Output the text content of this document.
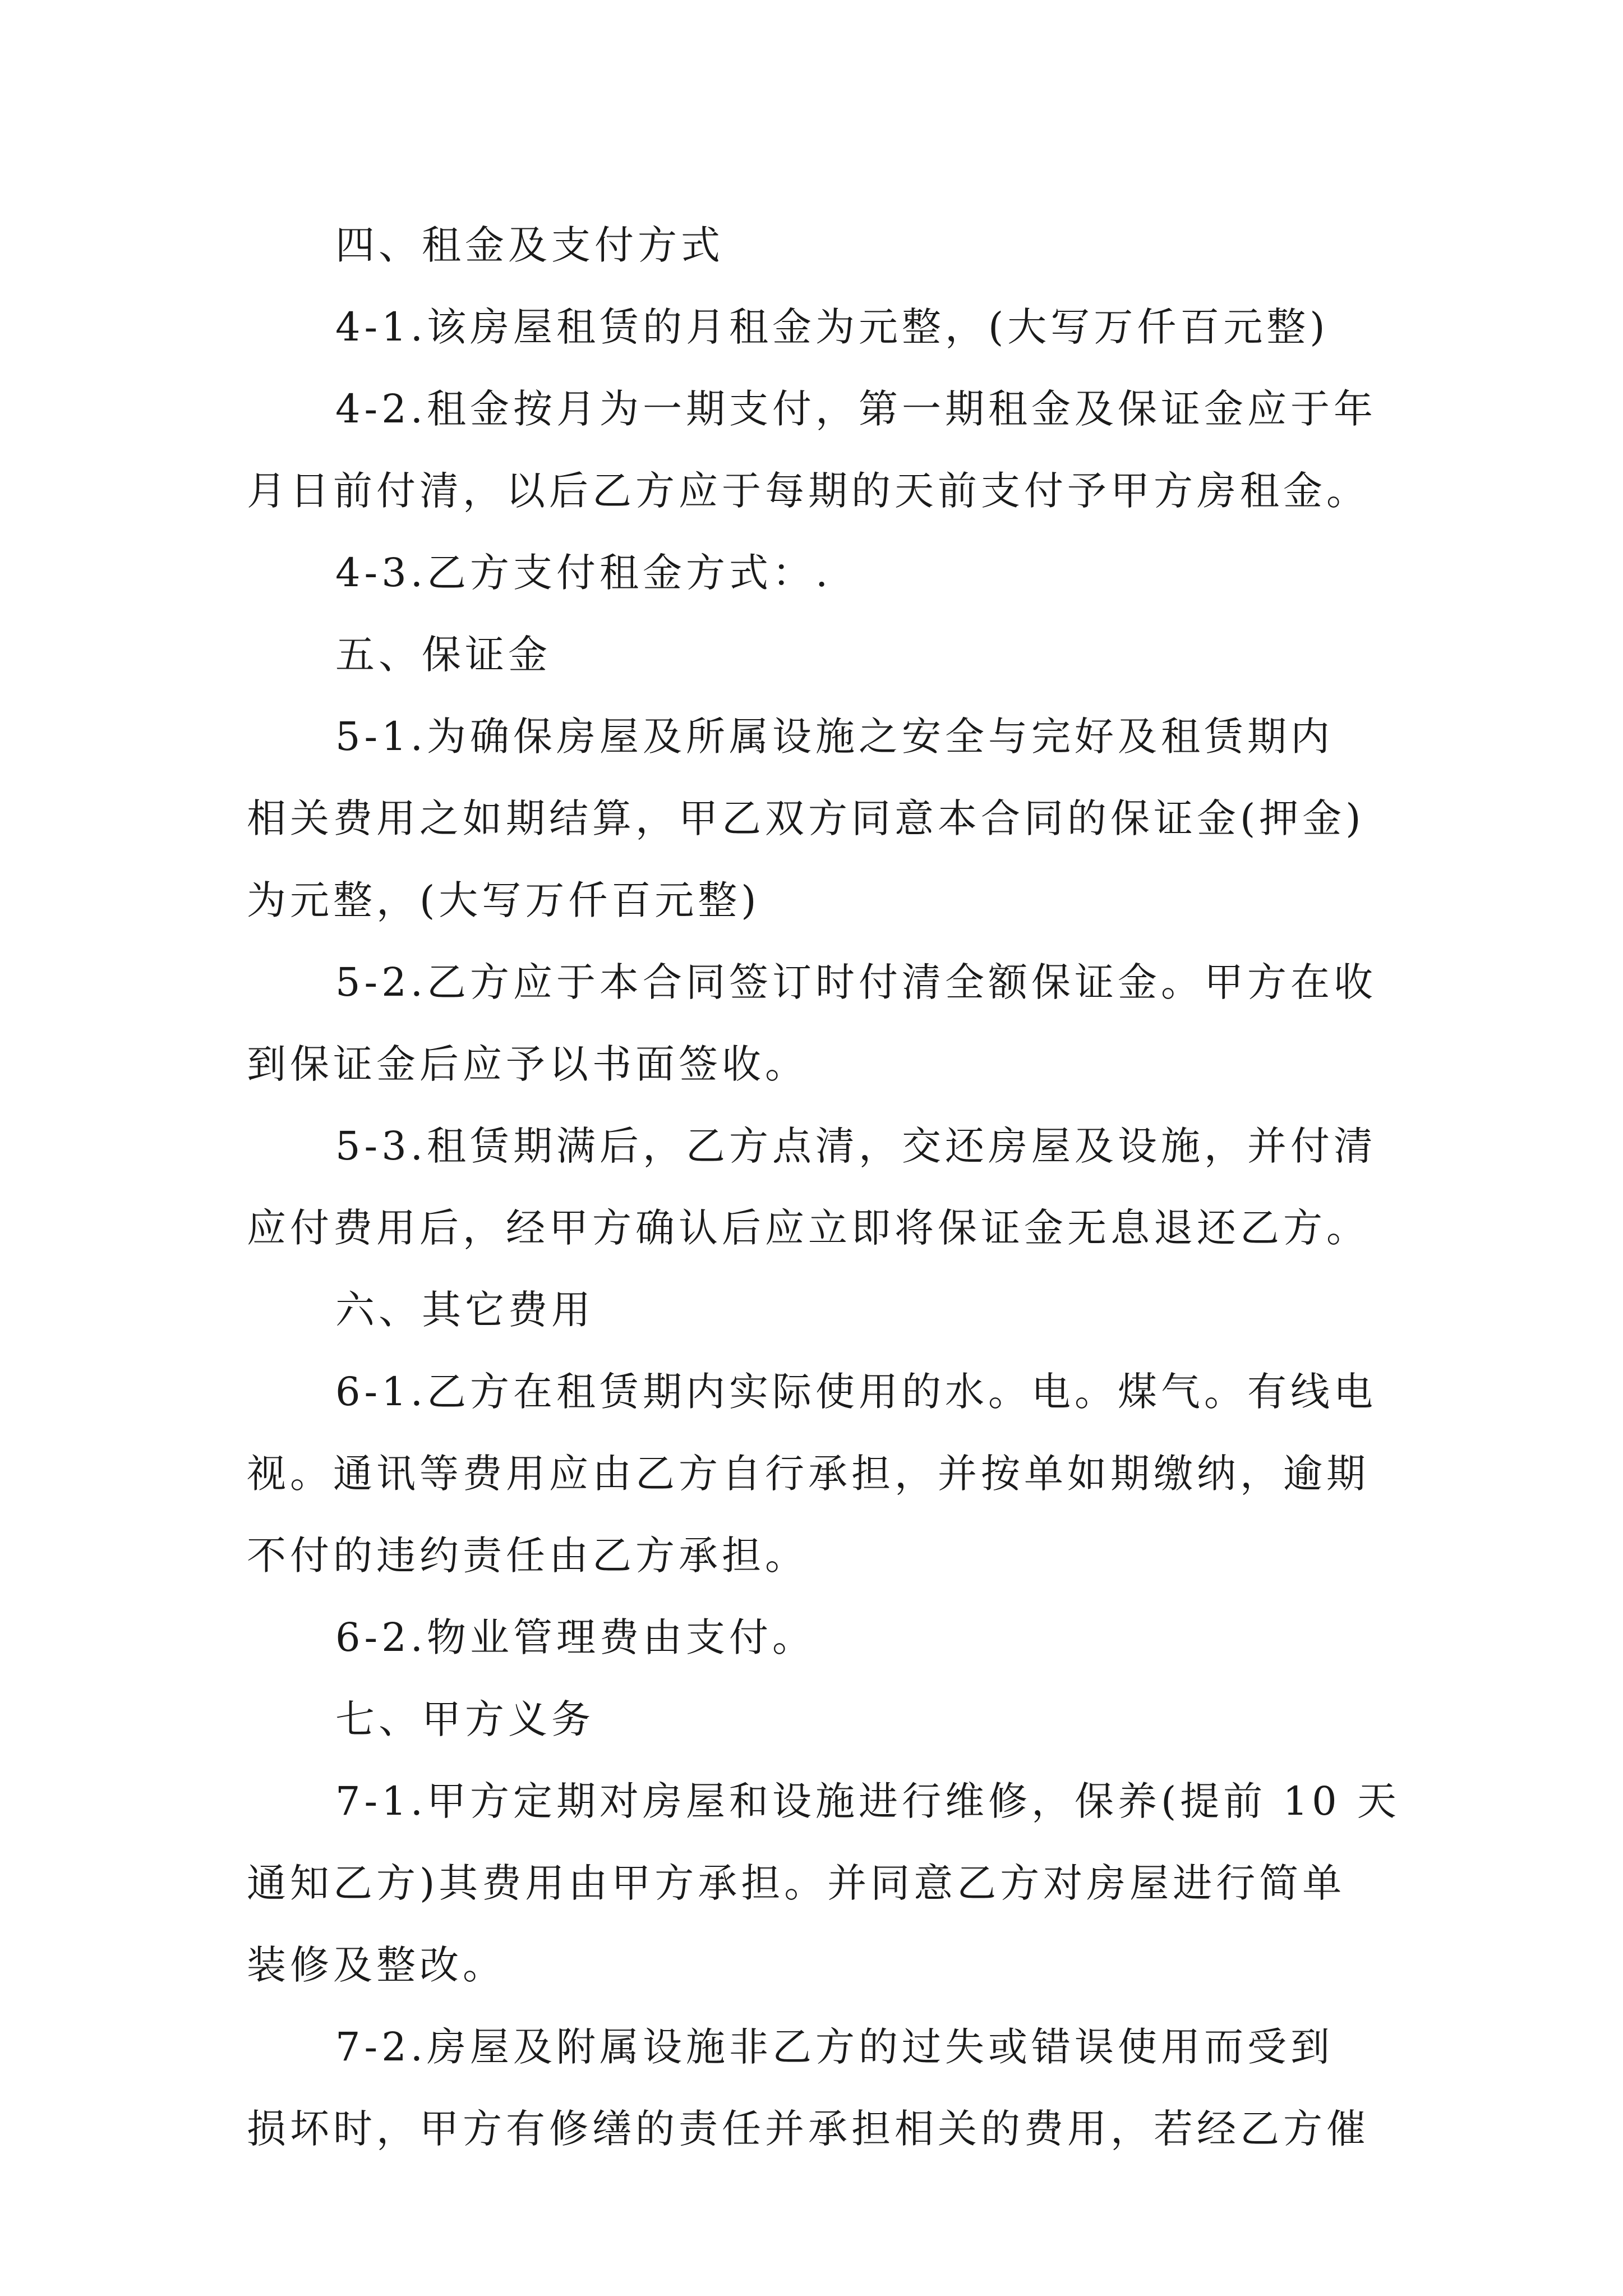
四、租金及支付方式
4-1.该房屋租赁的月租金为元整，(大写万仟百元整)
4-2.租金按月为一期支付，第一期租金及保证金应于年
月日前付清，以后乙方应于每期的天前支付予甲方房租金。
4-3.乙方支付租金方式：.
五、保证金
5-1.为确保房屋及所属设施之安全与完好及租赁期内
相关费用之如期结算，甲乙双方同意本合同的保证金(押金)
为元整，(大写万仟百元整)
5-2.乙方应于本合同签订时付清全额保证金。甲方在收
到保证金后应予以书面签收。
5-3.租赁期满后，乙方点清，交还房屋及设施，并付清
应付费用后，经甲方确认后应立即将保证金无息退还乙方。
六、其它费用
6-1.乙方在租赁期内实际使用的水。电。煤气。有线电
视。通讯等费用应由乙方自行承担，并按单如期缴纳，逾期
不付的违约责任由乙方承担。
6-2.物业管理费由支付。
七、甲方义务
7-1.甲方定期对房屋和设施进行维修，保养(提前 10 天
通知乙方)其费用由甲方承担。并同意乙方对房屋进行简单
装修及整改。
7-2.房屋及附属设施非乙方的过失或错误使用而受到
损坏时，甲方有修缮的责任并承担相关的费用，若经乙方催
